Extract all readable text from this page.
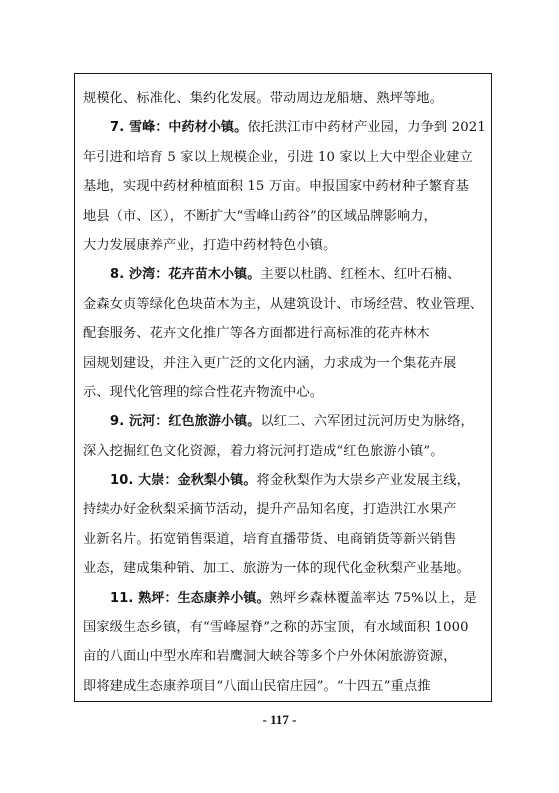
规模化、标准化、集约化发展。带动周边龙船塘、熟坪等地。
7. 雪峰：中药材小镇。依托洪江市中药材产业园，力争到 2021
年引进和培育 5 家以上规模企业，引进 10 家以上大中型企业建立
基地，实现中药材种植面积 15 万亩。申报国家中药材种子繁育基
地县（市、区），不断扩大“雪峰山药谷”的区域品牌影响力，
大力发展康养产业，打造中药材特色小镇。
8. 沙湾：花卉苗木小镇。主要以杜鹃、红桎木、红叶石楠、
金森女贞等绿化色块苗木为主，从建筑设计、市场经营、牧业管理、
配套服务、花卉文化推广等各方面都进行高标准的花卉林木
园规划建设，并注入更广泛的文化内涵，力求成为一个集花卉展
示、现代化管理的综合性花卉物流中心。
9. 沅河：红色旅游小镇。以红二、六军团过沅河历史为脉络，
深入挖掘红色文化资源，着力将沅河打造成“红色旅游小镇”。
10. 大崇：金秋梨小镇。将金秋梨作为大崇乡产业发展主线，
持续办好金秋梨采摘节活动，提升产品知名度，打造洪江水果产
业新名片。拓宽销售渠道，培育直播带货、电商销货等新兴销售
业态，建成集种销、加工、旅游为一体的现代化金秋梨产业基地。
11. 熟坪：生态康养小镇。熟坪乡森林覆盖率达 75%以上，是
国家级生态乡镇，有“雪峰屋脊”之称的苏宝顶，有水域面积 1000
亩的八面山中型水库和岩鹰洞大峡谷等多个户外休闲旅游资源，
即将建成生态康养项目“八面山民宿庄园”。“十四五”重点推
- 117 -
